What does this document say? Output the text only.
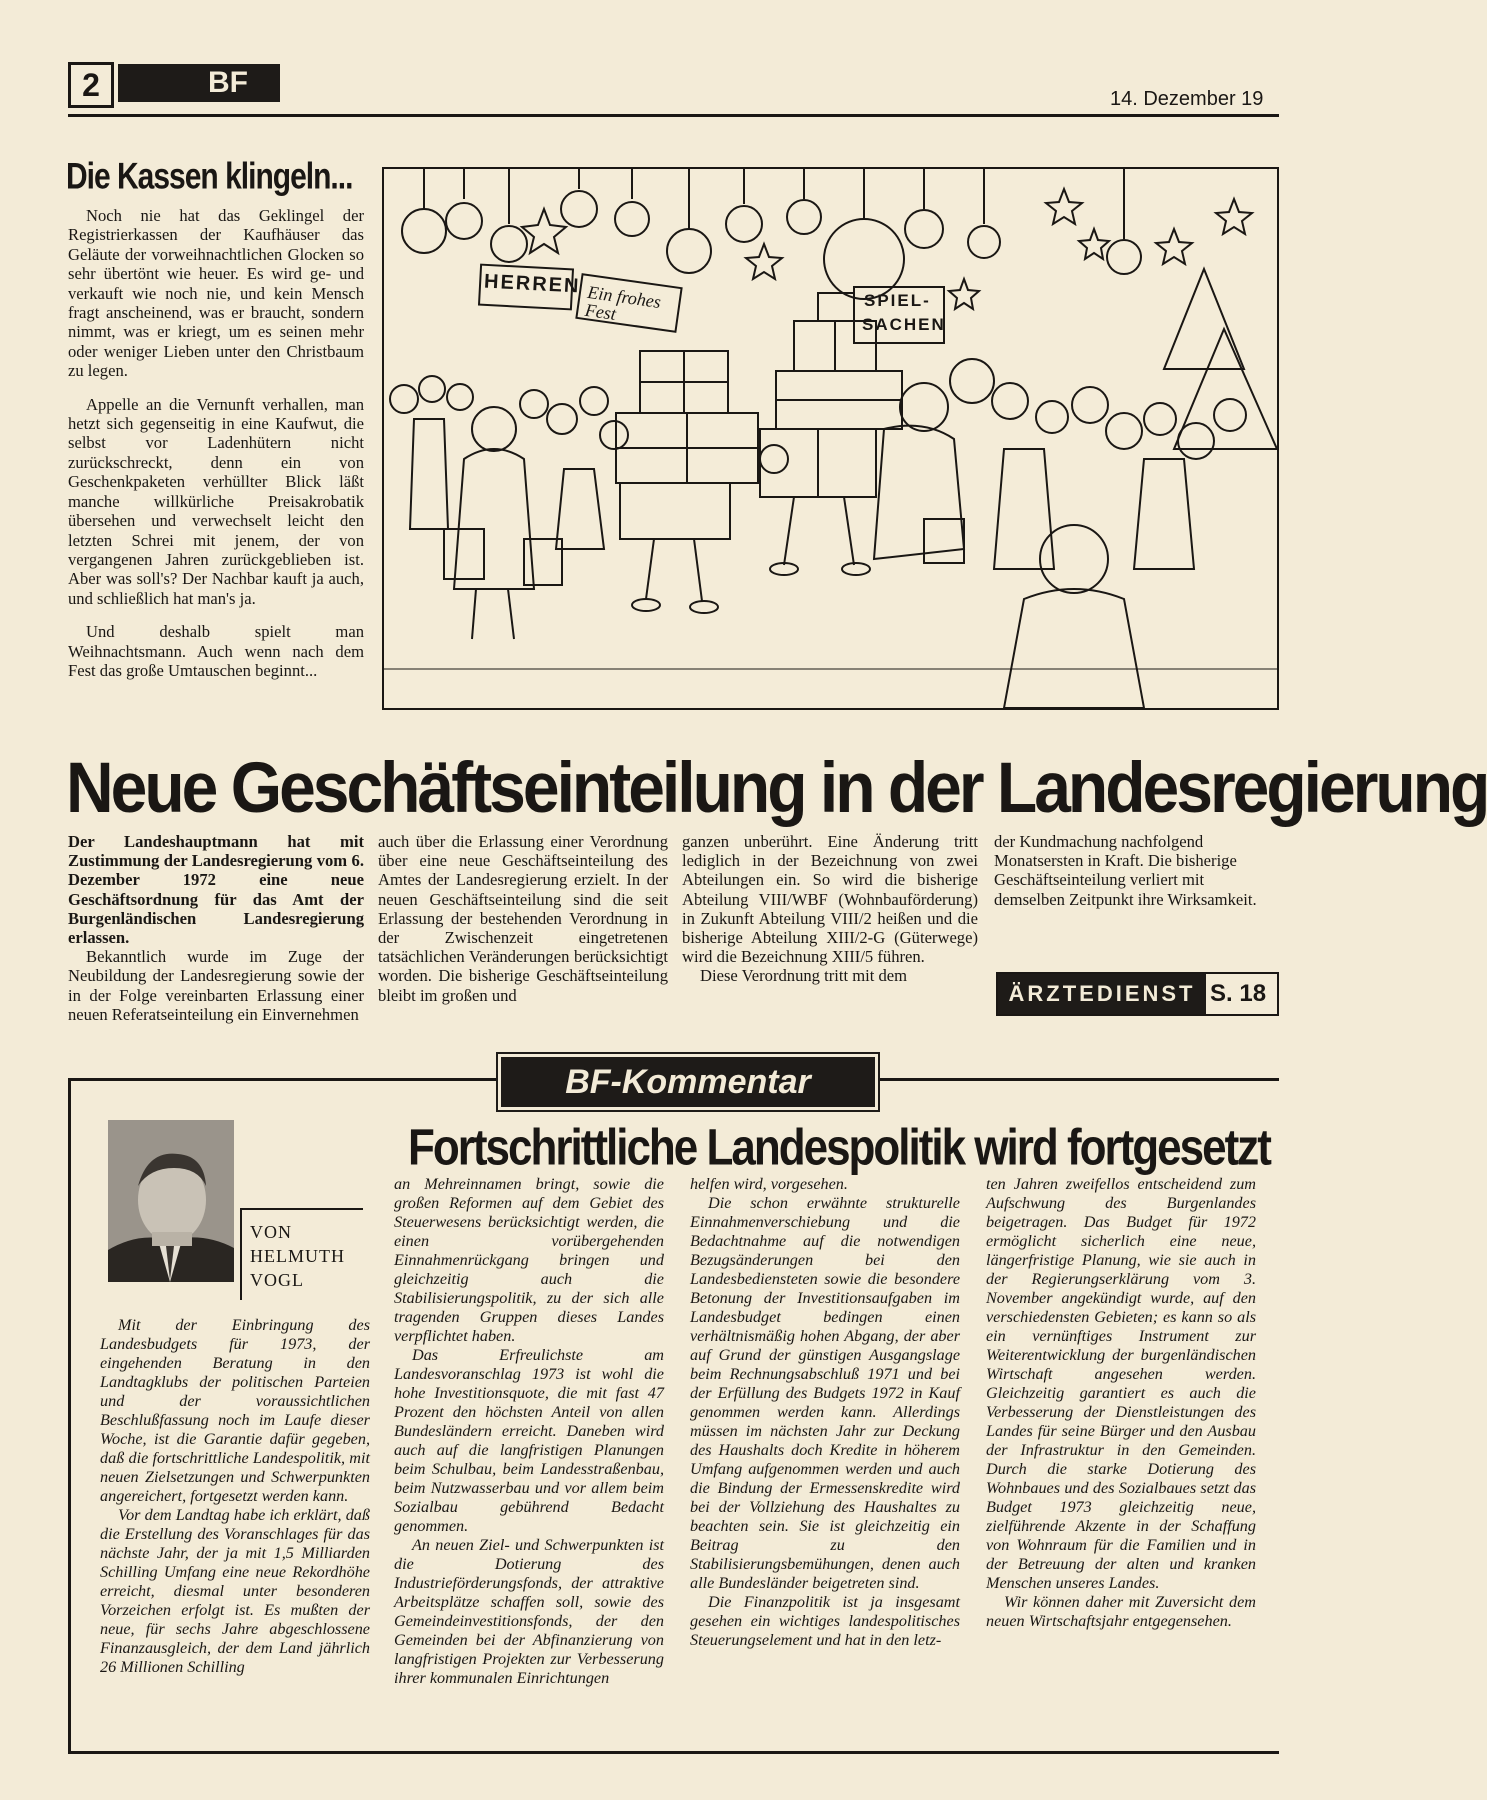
2	BF	14. Dezember 19
Die Kassen klingeln...

Noch nie hat das Geklingel der Registrierkassen der Kaufhäuser das Geläute der vorweihnachtlichen Glocken so sehr übertönt wie heuer. Es wird ge- und verkauft wie noch nie, und kein Mensch fragt anscheinend, was er braucht, sondern nimmt, was er kriegt, um es seinen mehr oder weniger Lieben unter den Christbaum zu legen.

Appelle an die Vernunft verhallen, man hetzt sich gegenseitig in eine Kaufwut, die selbst vor Ladenhütern nicht zurückschreckt, denn ein von Geschenkpaketen verhüllter Blick läßt manche willkürliche Preisakrobatik übersehen und verwechselt leicht den letzten Schrei mit jenem, der von vergangenen Jahren zurückgeblieben ist. Aber was soll's? Der Nachbar kauft ja auch, und schließlich hat man's ja.

Und deshalb spielt man Weihnachtsmann. Auch wenn nach dem Fest das große Umtauschen beginnt...

HERREN Ein frohes Fest	SPIEL-
SACHEN
Neue Geschäftseinteilung in der Landesregierung

Der Landeshauptmann hat mit Zustimmung der Landesregierung vom 6. Dezember 1972 eine neue Geschäftsordnung für das Amt der Burgenländischen Landesregierung erlassen.

Bekanntlich wurde im Zuge der Neubildung der Landesregierung sowie der in der Folge vereinbarten Erlassung einer neuen Referatseinteilung ein Einvernehmen

auch über die Erlassung einer Verordnung über eine neue Geschäftseinteilung des Amtes der Landesregierung erzielt. In der neuen Geschäftseinteilung sind die seit Erlassung der bestehenden Verordnung in der Zwischenzeit eingetretenen tatsächlichen Veränderungen berücksichtigt worden. Die bisherige Geschäftseinteilung bleibt im großen und

ganzen unberührt. Eine Änderung tritt lediglich in der Bezeichnung von zwei Abteilungen ein. So wird die bisherige Abteilung VIII/WBF (Wohnbauförderung) in Zukunft Abteilung VIII/2 heißen und die bisherige Abteilung XIII/2-G (Güterwege) wird die Bezeichnung XIII/5 führen.

Diese Verordnung tritt mit dem

der Kundmachung nachfolgend Monatsersten in Kraft. Die bisherige Geschäftseinteilung verliert mit demselben Zeitpunkt ihre Wirksamkeit.

ÄRZTEDIENST S. 18
BF-Kommentar
VON
HELMUTH
VOGL
Fortschrittliche Landespolitik wird fortgesetzt

Mit der Einbringung des Landesbudgets für 1973, der eingehenden Beratung in den Landtagklubs der politischen Parteien und der voraussichtlichen Beschlußfassung noch im Laufe dieser Woche, ist die Garantie dafür gegeben, daß die fortschrittliche Landespolitik, mit neuen Zielsetzungen und Schwerpunkten angereichert, fortgesetzt werden kann.

Vor dem Landtag habe ich erklärt, daß die Erstellung des Voranschlages für das nächste Jahr, der ja mit 1,5 Milliarden Schilling Umfang eine neue Rekordhöhe erreicht, diesmal unter besonderen Vorzeichen erfolgt ist. Es mußten der neue, für sechs Jahre abgeschlossene Finanzausgleich, der dem Land jährlich 26 Millionen Schilling

an Mehreinnamen bringt, sowie die großen Reformen auf dem Gebiet des Steuerwesens berücksichtigt werden, die einen vorübergehenden Einnahmenrückgang bringen und gleichzeitig auch die Stabilisierungspolitik, zu der sich alle tragenden Gruppen dieses Landes verpflichtet haben.

Das Erfreulichste am Landesvoranschlag 1973 ist wohl die hohe Investitionsquote, die mit fast 47 Prozent den höchsten Anteil von allen Bundesländern erreicht. Daneben wird auch auf die langfristigen Planungen beim Schulbau, beim Landesstraßenbau, beim Nutzwasserbau und vor allem beim Sozialbau gebührend Bedacht genommen.

An neuen Ziel- und Schwerpunkten ist die Dotierung des Industrieförderungsfonds, der attraktive Arbeitsplätze schaffen soll, sowie des Gemeindeinvestitionsfonds, der den Gemeinden bei der Abfinanzierung von langfristigen Projekten zur Verbesserung ihrer kommunalen Einrichtungen

helfen wird, vorgesehen.

Die schon erwähnte strukturelle Einnahmenverschiebung und die Bedachtnahme auf die notwendigen Bezugsänderungen bei den Landesbediensteten sowie die besondere Betonung der Investitionsaufgaben im Landesbudget bedingen einen verhältnismäßig hohen Abgang, der aber auf Grund der günstigen Ausgangslage beim Rechnungsabschluß 1971 und bei der Erfüllung des Budgets 1972 in Kauf genommen werden kann. Allerdings müssen im nächsten Jahr zur Deckung des Haushalts doch Kredite in höherem Umfang aufgenommen werden und auch die Bindung der Ermessenskredite wird bei der Vollziehung des Haushaltes zu beachten sein. Sie ist gleichzeitig ein Beitrag zu den Stabilisierungsbemühungen, denen auch alle Bundesländer beigetreten sind.

Die Finanzpolitik ist ja insgesamt gesehen ein wichtiges landespolitisches Steuerungselement und hat in den letz-

ten Jahren zweifellos entscheidend zum Aufschwung des Burgenlandes beigetragen. Das Budget für 1972 ermöglicht sicherlich eine neue, längerfristige Planung, wie sie auch in der Regierungserklärung vom 3. November angekündigt wurde, auf den verschiedensten Gebieten; es kann so als ein vernünftiges Instrument zur Weiterentwicklung der burgenländischen Wirtschaft angesehen werden. Gleichzeitig garantiert es auch die Verbesserung der Dienstleistungen des Landes für seine Bürger und den Ausbau der Infrastruktur in den Gemeinden. Durch die starke Dotierung des Wohnbaues und des Sozialbaues setzt das Budget 1973 gleichzeitig neue, zielführende Akzente in der Schaffung von Wohnraum für die Familien und in der Betreuung der alten und kranken Menschen unseres Landes.

Wir können daher mit Zuversicht dem neuen Wirtschaftsjahr entgegensehen.
